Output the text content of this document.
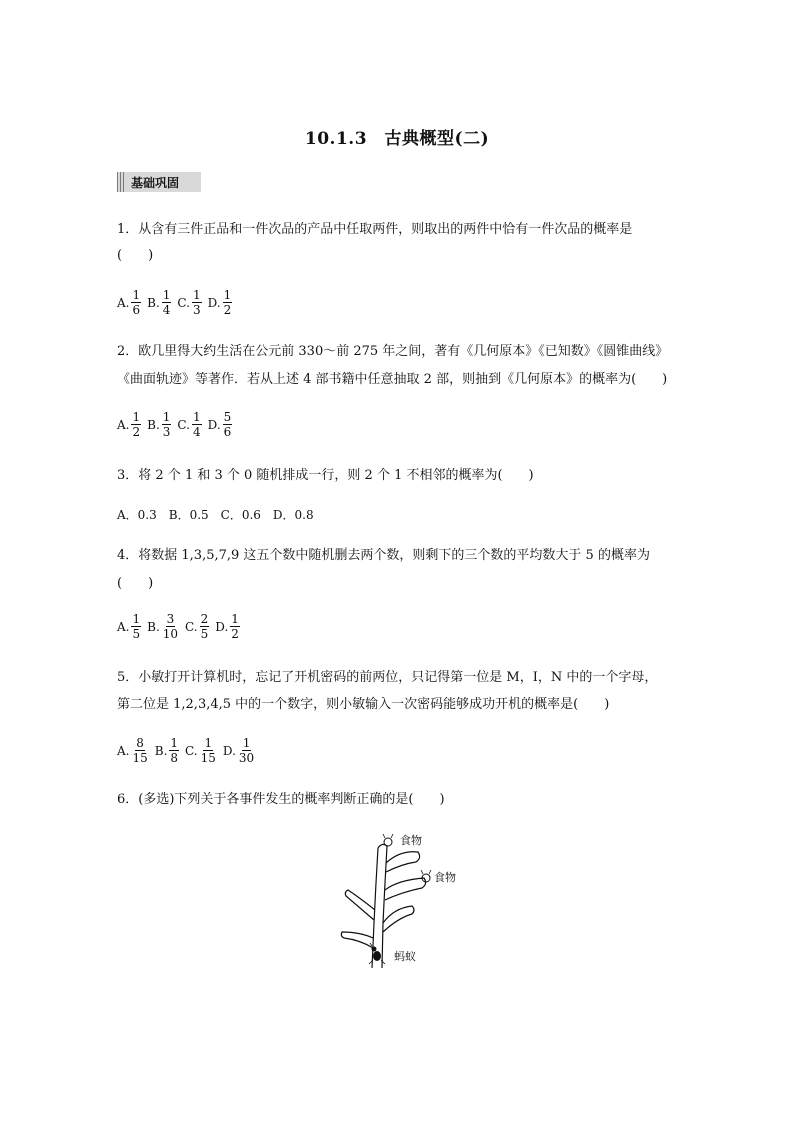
10.1.3　古典概型(二)
基础巩固
1．从含有三件正品和一件次品的产品中任取两件，则取出的两件中恰有一件次品的概率是
(　　)
A. $\frac{1}{6} B$. $\frac{1}{4} C$. $\frac{1}{3} D$. $\frac{1}{2}$
2．欧几里得大约生活在公元前 330～前 275 年之间，著有《几何原本》《已知数》《圆锥曲线》
《曲面轨迹》等著作．若从上述 4 部书籍中任意抽取 2 部，则抽到《几何原本》的概率为(　　)
A. $\frac{1}{2} B$. $\frac{1}{3} C$. $\frac{1}{4} D$. $\frac{5}{6}$
3．将 2 个 1 和 3 个 0 随机排成一行，则 2 个 1 不相邻的概率为(　　)
A．0.3　B．0.5　C．0.6　D．0.8
4．将数据 1,3,5,7,9 这五个数中随机删去两个数，则剩下的三个数的平均数大于 5 的概率为
(　　)
A. $\frac{1}{5} B$. $\frac{3}{10} C$. $\frac{2}{5} D$. $\frac{1}{2}$
5．小敏打开计算机时，忘记了开机密码的前两位，只记得第一位是 M，I，N 中的一个字母，
第二位是 1,2,3,4,5 中的一个数字，则小敏输入一次密码能够成功开机的概率是(　　)
A. $\frac{8}{15} B$. $\frac{1}{8} C$. $\frac{1}{15} D$. $\frac{1}{30}$
6．(多选)下列关于各事件发生的概率判断正确的是(　　)
食物
食物
蚂蚁
